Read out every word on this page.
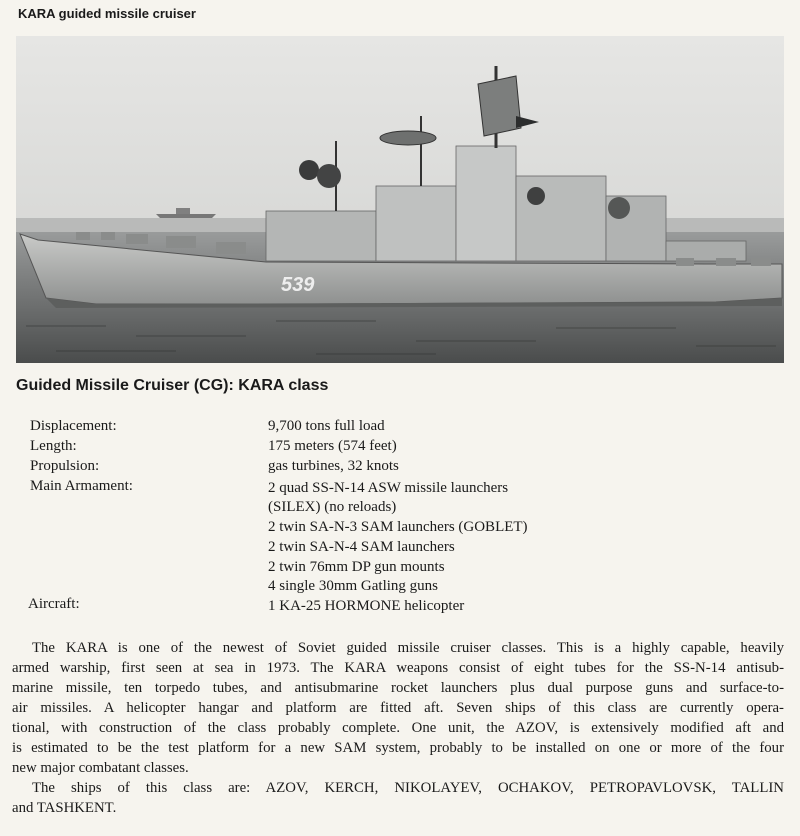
KARA guided missile cruiser
539
Guided Missile Cruiser (CG): KARA class
Displacement:	9,700 tons full load
Length:	175 meters (574 feet)
Propulsion:	gas turbines, 32 knots
Main Armament:	2 quad SS-N-14 ASW missile launchers
(SILEX) (no reloads)
2 twin SA-N-3 SAM launchers (GOBLET)
2 twin SA-N-4 SAM launchers
2 twin 76mm DP gun mounts
4 single 30mm Gatling guns
Aircraft:	1 KA-25 HORMONE helicopter
The KARA is one of the newest of Soviet guided missile cruiser classes. This is a highly capable, heavily
armed warship, first seen at sea in 1973. The KARA weapons consist of eight tubes for the SS-N-14 antisub-
marine missile, ten torpedo tubes, and antisubmarine rocket launchers plus dual purpose guns and surface-to-
air missiles. A helicopter hangar and platform are fitted aft. Seven ships of this class are currently opera-
tional, with construction of the class probably complete. One unit, the AZOV, is extensively modified aft and
is estimated to be the test platform for a new SAM system, probably to be installed on one or more of the four
new major combatant classes.
The ships of this class are: AZOV, KERCH, NIKOLAYEV, OCHAKOV, PETROPAVLOVSK, TALLIN
and TASHKENT.
